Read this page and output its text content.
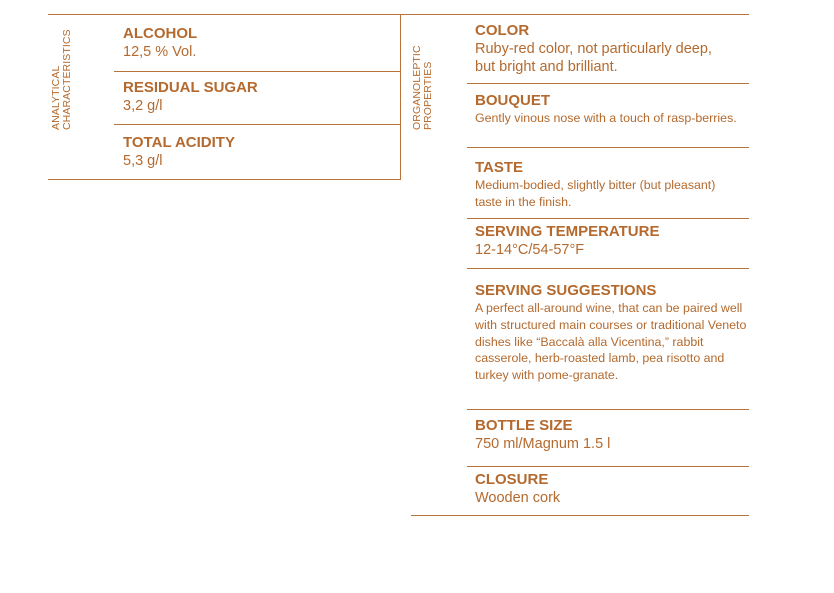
ANALYTICAL CHARACTERISTICS	ALCOHOL
12,5 % Vol.
RESIDUAL SUGAR
3,2 g/l
TOTAL ACIDITY
5,3 g/l
ORGANOLEPTIC PROPERTIES
COLOR
Ruby-red color, not particularly deep, but bright and brilliant.
BOUQUET
Gently vinous nose with a touch of rasp-berries.
TASTE
Medium-bodied, slightly bitter (but pleasant) taste in the finish.
SERVING TEMPERATURE
12-14°C/54-57°F
SERVING SUGGESTIONS
A perfect all-around wine, that can be paired well with structured main courses or traditional Veneto dishes like “Baccalà alla Vicentina,” rabbit casserole, herb-roasted lamb, pea risotto and turkey with pome-granate.
BOTTLE SIZE
750 ml/Magnum 1.5 l
CLOSURE
Wooden cork
